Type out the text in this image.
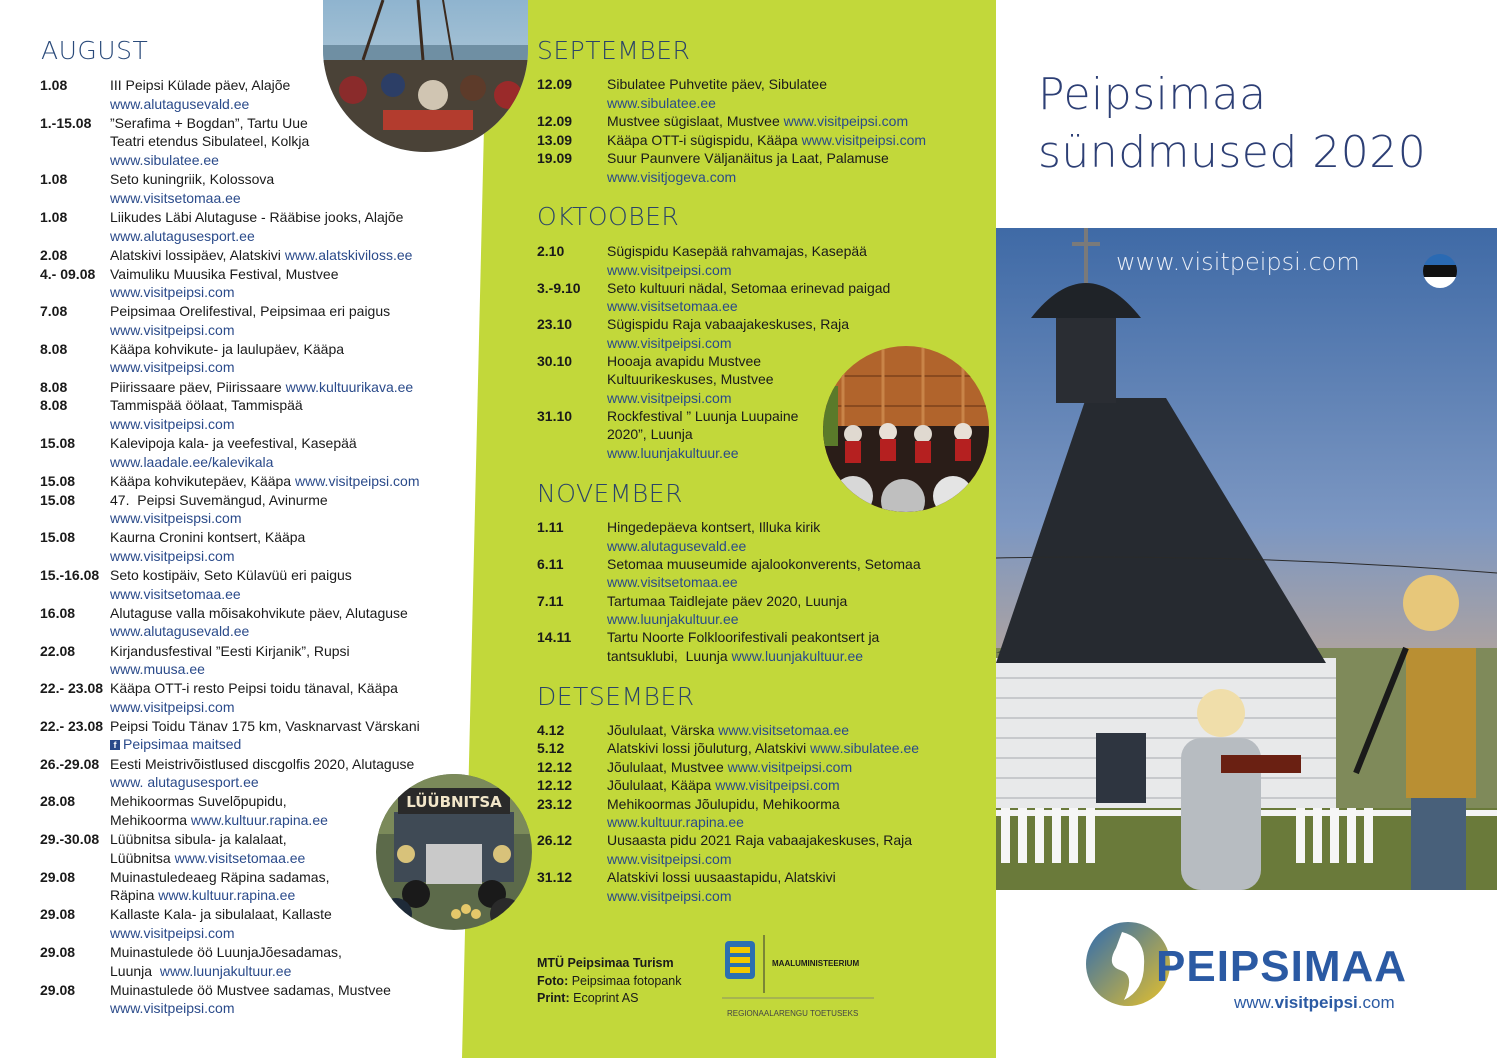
AUGUST
1.08	III Peipsi Külade päev, Alajõe
www.alutagusevald.ee
1.-15.08 ”Serafima + Bogdan”, Tartu Uue
Teatri etendus Sibulateel, Kolkja
www.sibulatee.ee
1.08	Seto kuningriik, Kolossova
www.visitsetomaa.ee
1.08	Liikudes Läbi Alutaguse - Rääbise jooks, Alajõe
www.alutagusesport.ee
2.08	Alatskivi lossipäev, Alatskivi www.alatskiviloss.ee
4.- 09.08 Vaimuliku Muusika Festival, Mustvee
www.visitpeipsi.com
7.08	Peipsimaa Orelifestival, Peipsimaa eri paigus
www.visitpeipsi.com
8.08	Kääpa kohvikute- ja laulupäev, Kääpa
www.visitpeipsi.com
8.08	Piirissaare päev, Piirissaare www.kultuurikava.ee
8.08	Tammispää öölaat, Tammispää
www.visitpeipsi.com
15.08 Kalevipoja kala- ja veefestival, Kasepää
www.laadale.ee/kalevikala
15.08 Kääpa kohvikutepäev, Kääpa www.visitpeipsi.com
15.08 47.  Peipsi Suvemängud, Avinurme
www.visitpeispsi.com
15.08 Kaurna Cronini kontsert, Kääpa
www.visitpeipsi.com
15.-16.08 Seto kostipäiv, Seto Külavüü eri paigus
www.visitsetomaa.ee
16.08 Alutaguse valla mõisakohvikute päev, Alutaguse
www.alutagusevald.ee
22.08 Kirjandusfestival ”Eesti Kirjanik”, Rupsi
www.muusa.ee
22.- 23.08 Kääpa OTT-i resto Peipsi toidu tänaval, Kääpa
www.visitpeipsi.com
22.- 23.08 Peipsi Toidu Tänav 175 km, Vasknarvast Värskani
f Peipsimaa maitsed
26.-29.08 Eesti Meistrivõistlused discgolfis 2020, Alutaguse
www. alutagusesport.ee
28.08 Mehikoormas Suvelõpupidu,
Mehikoorma www.kultuur.rapina.ee
29.-30.08 Lüübnitsa sibula- ja kalalaat,
Lüübnitsa www.visitsetomaa.ee
29.08 Muinastuledeaeg Räpina sadamas,
Räpina www.kultuur.rapina.ee
29.08 Kallaste Kala- ja sibulalaat, Kallaste
www.visitpeipsi.com
29.08 Muinastulede öö LuunjaJõesadamas,
Luunja  www.luunjakultuur.ee
29.08 Muinastulede öö Mustvee sadamas, Mustvee
www.visitpeipsi.com
SEPTEMBER
12.09 Sibulatee Puhvetite päev, Sibulatee
www.sibulatee.ee
12.09 Mustvee sügislaat, Mustvee www.visitpeipsi.com
13.09 Kääpa OTT-i sügispidu, Kääpa www.visitpeipsi.com
19.09 Suur Paunvere Väljanäitus ja Laat, Palamuse
www.visitjogeva.com
OKTOOBER
2.10	Sügispidu Kasepää rahvamajas, Kasepää
www.visitpeipsi.com
3.-9.10 Seto kultuuri nädal, Setomaa erinevad paigad
www.visitsetomaa.ee
23.10 Sügispidu Raja vabaajakeskuses, Raja
www.visitpeipsi.com
30.10 Hooaja avapidu Mustvee
Kultuurikeskuses, Mustvee
www.visitpeipsi.com
31.10 Rockfestival ” Luunja Luupaine
2020”, Luunja
www.luunjakultuur.ee
NOVEMBER
1.11	Hingedepäeva kontsert, Illuka kirik
www.alutagusevald.ee
6.11	Setomaa muuseumide ajalookonverents, Setomaa
www.visitsetomaa.ee
7.11	Tartumaa Taidlejate päev 2020, Luunja
www.luunjakultuur.ee
14.11	Tartu Noorte Folkloorifestivali peakontsert ja
tantsuklubi,  Luunja www.luunjakultuur.ee
DETSEMBER
4.12	Jõululaat, Värska www.visitsetomaa.ee
5.12	Alatskivi lossi jõuluturg, Alatskivi www.sibulatee.ee
12.12 Jõululaat, Mustvee www.visitpeipsi.com
12.12 Jõululaat, Kääpa www.visitpeipsi.com
23.12 Mehikoormas Jõulupidu, Mehikoorma
www.kultuur.rapina.ee
26.12 Uusaasta pidu 2021 Raja vabaajakeskuses, Raja
www.visitpeipsi.com
31.12 Alatskivi lossi uusaastapidu, Alatskivi
www.visitpeipsi.com
LÜÜBNITSA
MTÜ Peipsimaa Turism
Foto: Peipsimaa fotopank
Print: Ecoprint AS
MAALUMINISTEERIUM
REGIONAALARENGU TOETUSEKS
Peipsimaa
sündmused 2020
www.visitpeipsi.com
PEIPSIMAA
www.visitpeipsi.com
